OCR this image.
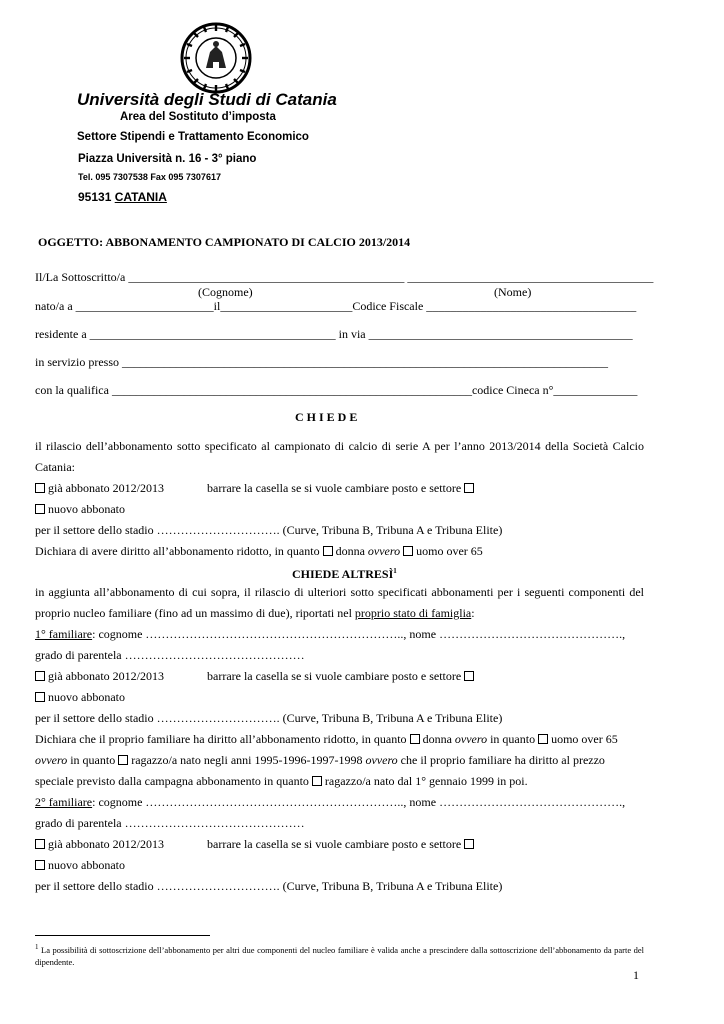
Università degli Studi di Catania
Area del Sostituto d’imposta
Settore Stipendi e Trattamento Economico
Piazza Università n. 16 - 3° piano
Tel. 095 7307538 Fax 095 7307617
95131 CATANIA
OGGETTO: ABBONAMENTO CAMPIONATO DI CALCIO 2013/2014
Il/La Sottoscritto/a ______________________________________________ _________________________________________
(Cognome)	(Nome)
nato/a a _______________________il______________________Codice Fiscale ___________________________________
residente a _________________________________________ in via ____________________________________________
in servizio presso _________________________________________________________________________________
con la qualifica ____________________________________________________________codice Cineca n°______________
C H I E D E
il rilascio dell’abbonamento sotto specificato al campionato di calcio di serie A per l’anno 2013/2014 della Società Calcio
Catania:
già abbonato 2012/2013	barrare la casella se si vuole cambiare posto e settore
nuovo abbonato
per il settore dello stadio …………………………. (Curve, Tribuna B, Tribuna A e Tribuna Elite)
Dichiara di avere diritto all’abbonamento ridotto, in quanto donna ovvero uomo over 65
CHIEDE ALTRESÌ$^1$
in aggiunta all’abbonamento di cui sopra, il rilascio di ulteriori sotto specificati abbonamenti per i seguenti componenti del
proprio nucleo familiare (fino ad un massimo di due), riportati nel proprio stato di famiglia:
1° familiare: cognome ……………………………………………………….., nome ……………………………………….,
grado di parentela ………………………………………
già abbonato 2012/2013	barrare la casella se si vuole cambiare posto e settore
nuovo abbonato
per il settore dello stadio …………………………. (Curve, Tribuna B, Tribuna A e Tribuna Elite)
Dichiara che il proprio familiare ha diritto all’abbonamento ridotto, in quanto donna ovvero in quanto uomo over 65
ovvero in quanto ragazzo/a nato negli anni 1995-1996-1997-1998 ovvero che il proprio familiare ha diritto al prezzo
speciale previsto dalla campagna abbonamento in quanto ragazzo/a nato dal 1° gennaio 1999 in poi.
2° familiare: cognome ……………………………………………………….., nome ……………………………………….,
grado di parentela ………………………………………
già abbonato 2012/2013	barrare la casella se si vuole cambiare posto e settore
nuovo abbonato
per il settore dello stadio …………………………. (Curve, Tribuna B, Tribuna A e Tribuna Elite)
$^1$ La possibilità di sottoscrizione dell’abbonamento per altri due componenti del nucleo familiare è valida anche a prescindere dalla sottoscrizione dell’abbonamento da parte del dipendente.
1
